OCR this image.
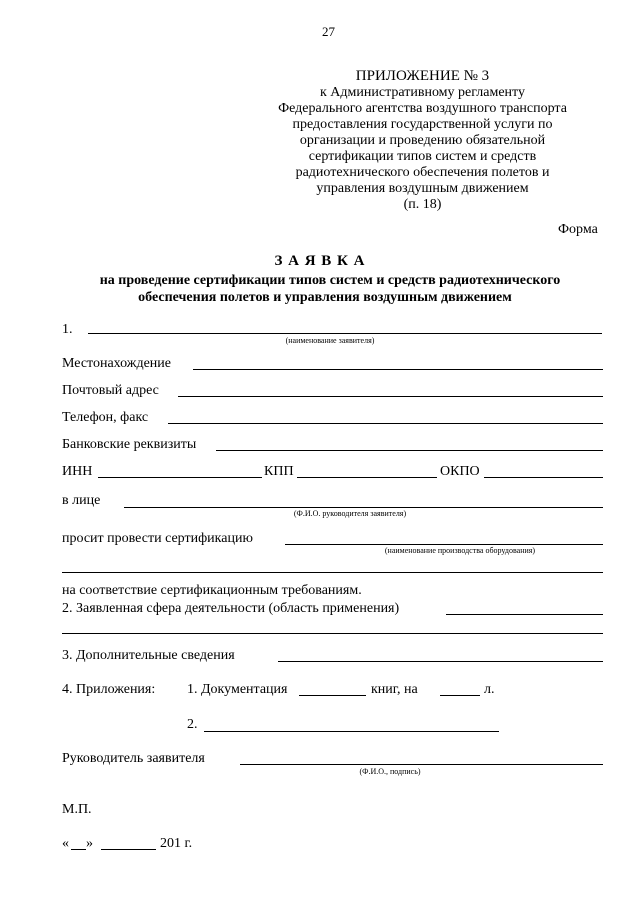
27
ПРИЛОЖЕНИЕ № 3
к Административному регламенту
Федерального агентства воздушного транспорта
предоставления государственной услуги по
организации и проведению обязательной
сертификации типов систем и средств
радиотехнического обеспечения полетов и
управления воздушным движением
(п. 18)
Форма
З А Я В К А
на проведение сертификации типов систем и средств радиотехнического
обеспечения полетов и управления воздушным движением
1.
(наименование заявителя)
Местонахождение
Почтовый адрес
Телефон, факс
Банковские реквизиты
ИНН	КПП	ОКПО
в лице
(Ф.И.О. руководителя заявителя)
просит провести сертификацию
(наименование производства оборудования)
на соответствие сертификационным требованиям.
2. Заявленная сфера деятельности (область применения)
3. Дополнительные сведения
4. Приложения: 1. Документация	книг, на	л.
2.
Руководитель заявителя
(Ф.И.О., подпись)
М.П.
« »	201 г.
